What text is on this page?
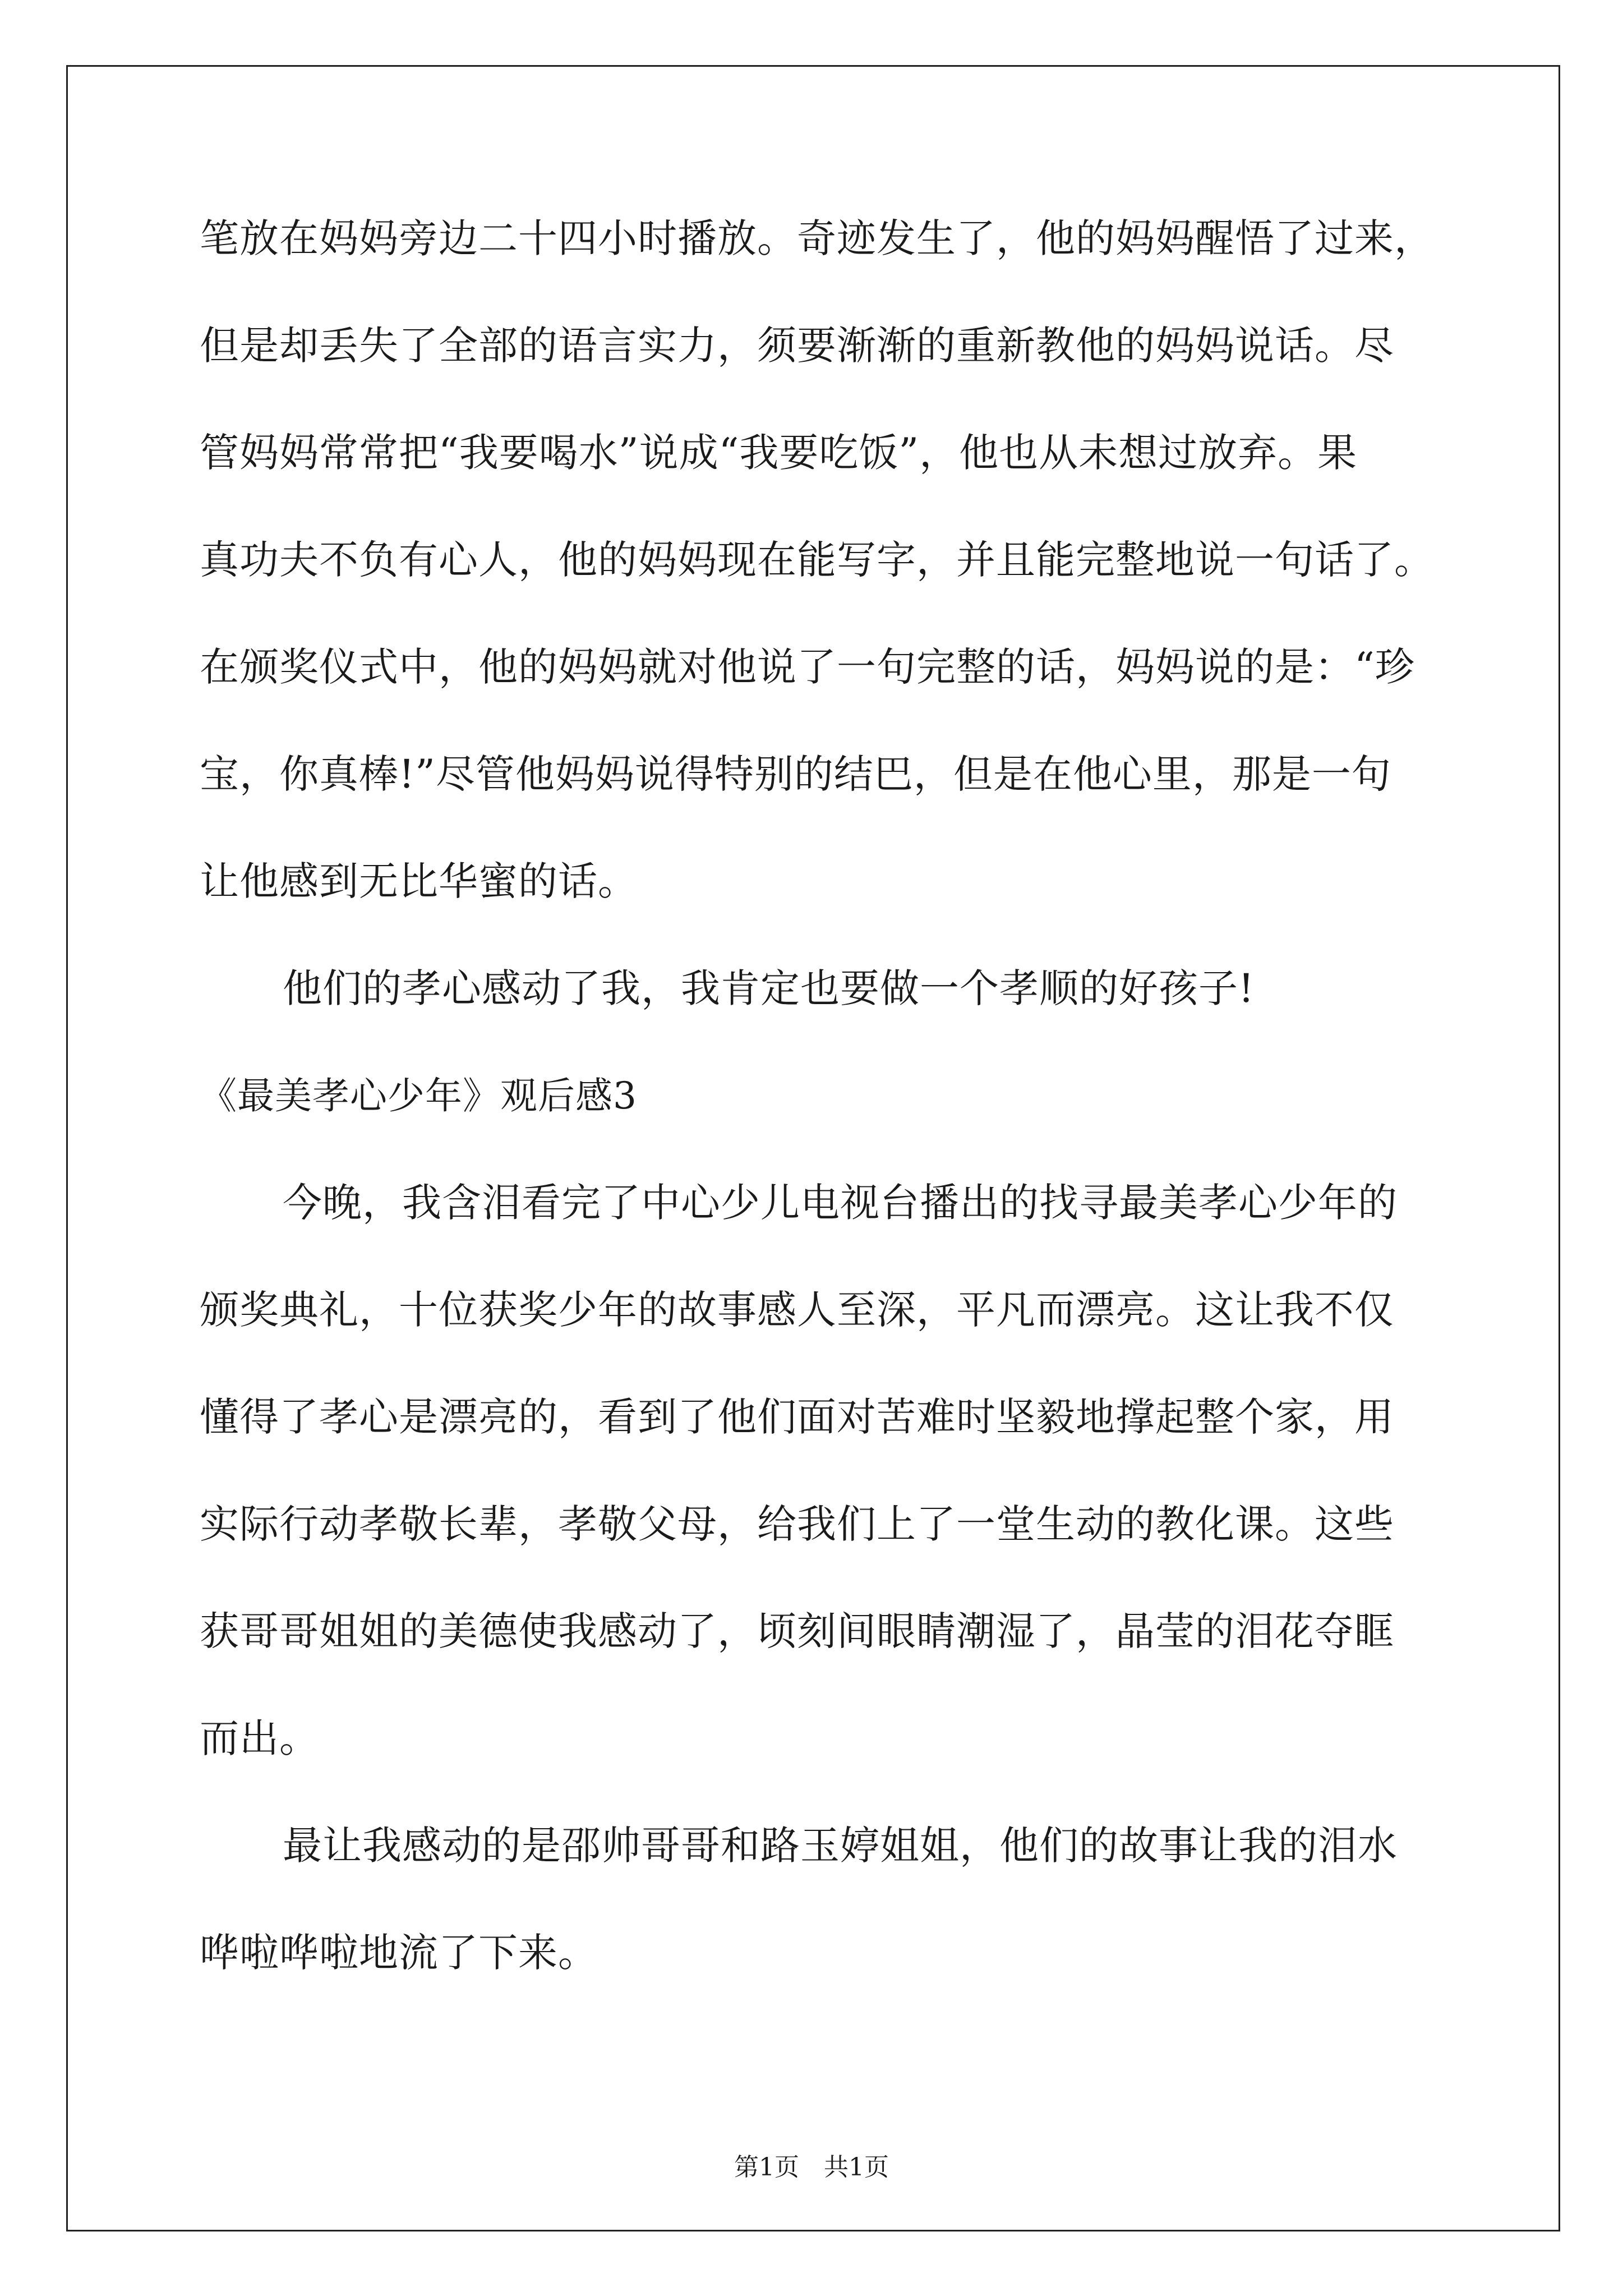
笔放在妈妈旁边二十四小时播放。奇迹发生了，他的妈妈醒悟了过来，
但是却丢失了全部的语言实力，须要渐渐的重新教他的妈妈说话。尽
管妈妈常常把“我要喝水”说成“我要吃饭”，他也从未想过放弃。果
真功夫不负有心人，他的妈妈现在能写字，并且能完整地说一句话了。
在颁奖仪式中，他的妈妈就对他说了一句完整的话，妈妈说的是：“珍
宝，你真棒!”尽管他妈妈说得特别的结巴，但是在他心里，那是一句
让他感到无比华蜜的话。
他们的孝心感动了我，我肯定也要做一个孝顺的好孩子!
《最美孝心少年》观后感3
今晚，我含泪看完了中心少儿电视台播出的找寻最美孝心少年的
颁奖典礼，十位获奖少年的故事感人至深，平凡而漂亮。这让我不仅
懂得了孝心是漂亮的，看到了他们面对苦难时坚毅地撑起整个家，用
实际行动孝敬长辈，孝敬父母，给我们上了一堂生动的教化课。这些
获哥哥姐姐的美德使我感动了，顷刻间眼睛潮湿了，晶莹的泪花夺眶
而出。
最让我感动的是邵帅哥哥和路玉婷姐姐，他们的故事让我的泪水
哗啦哗啦地流了下来。
第1页　共1页
